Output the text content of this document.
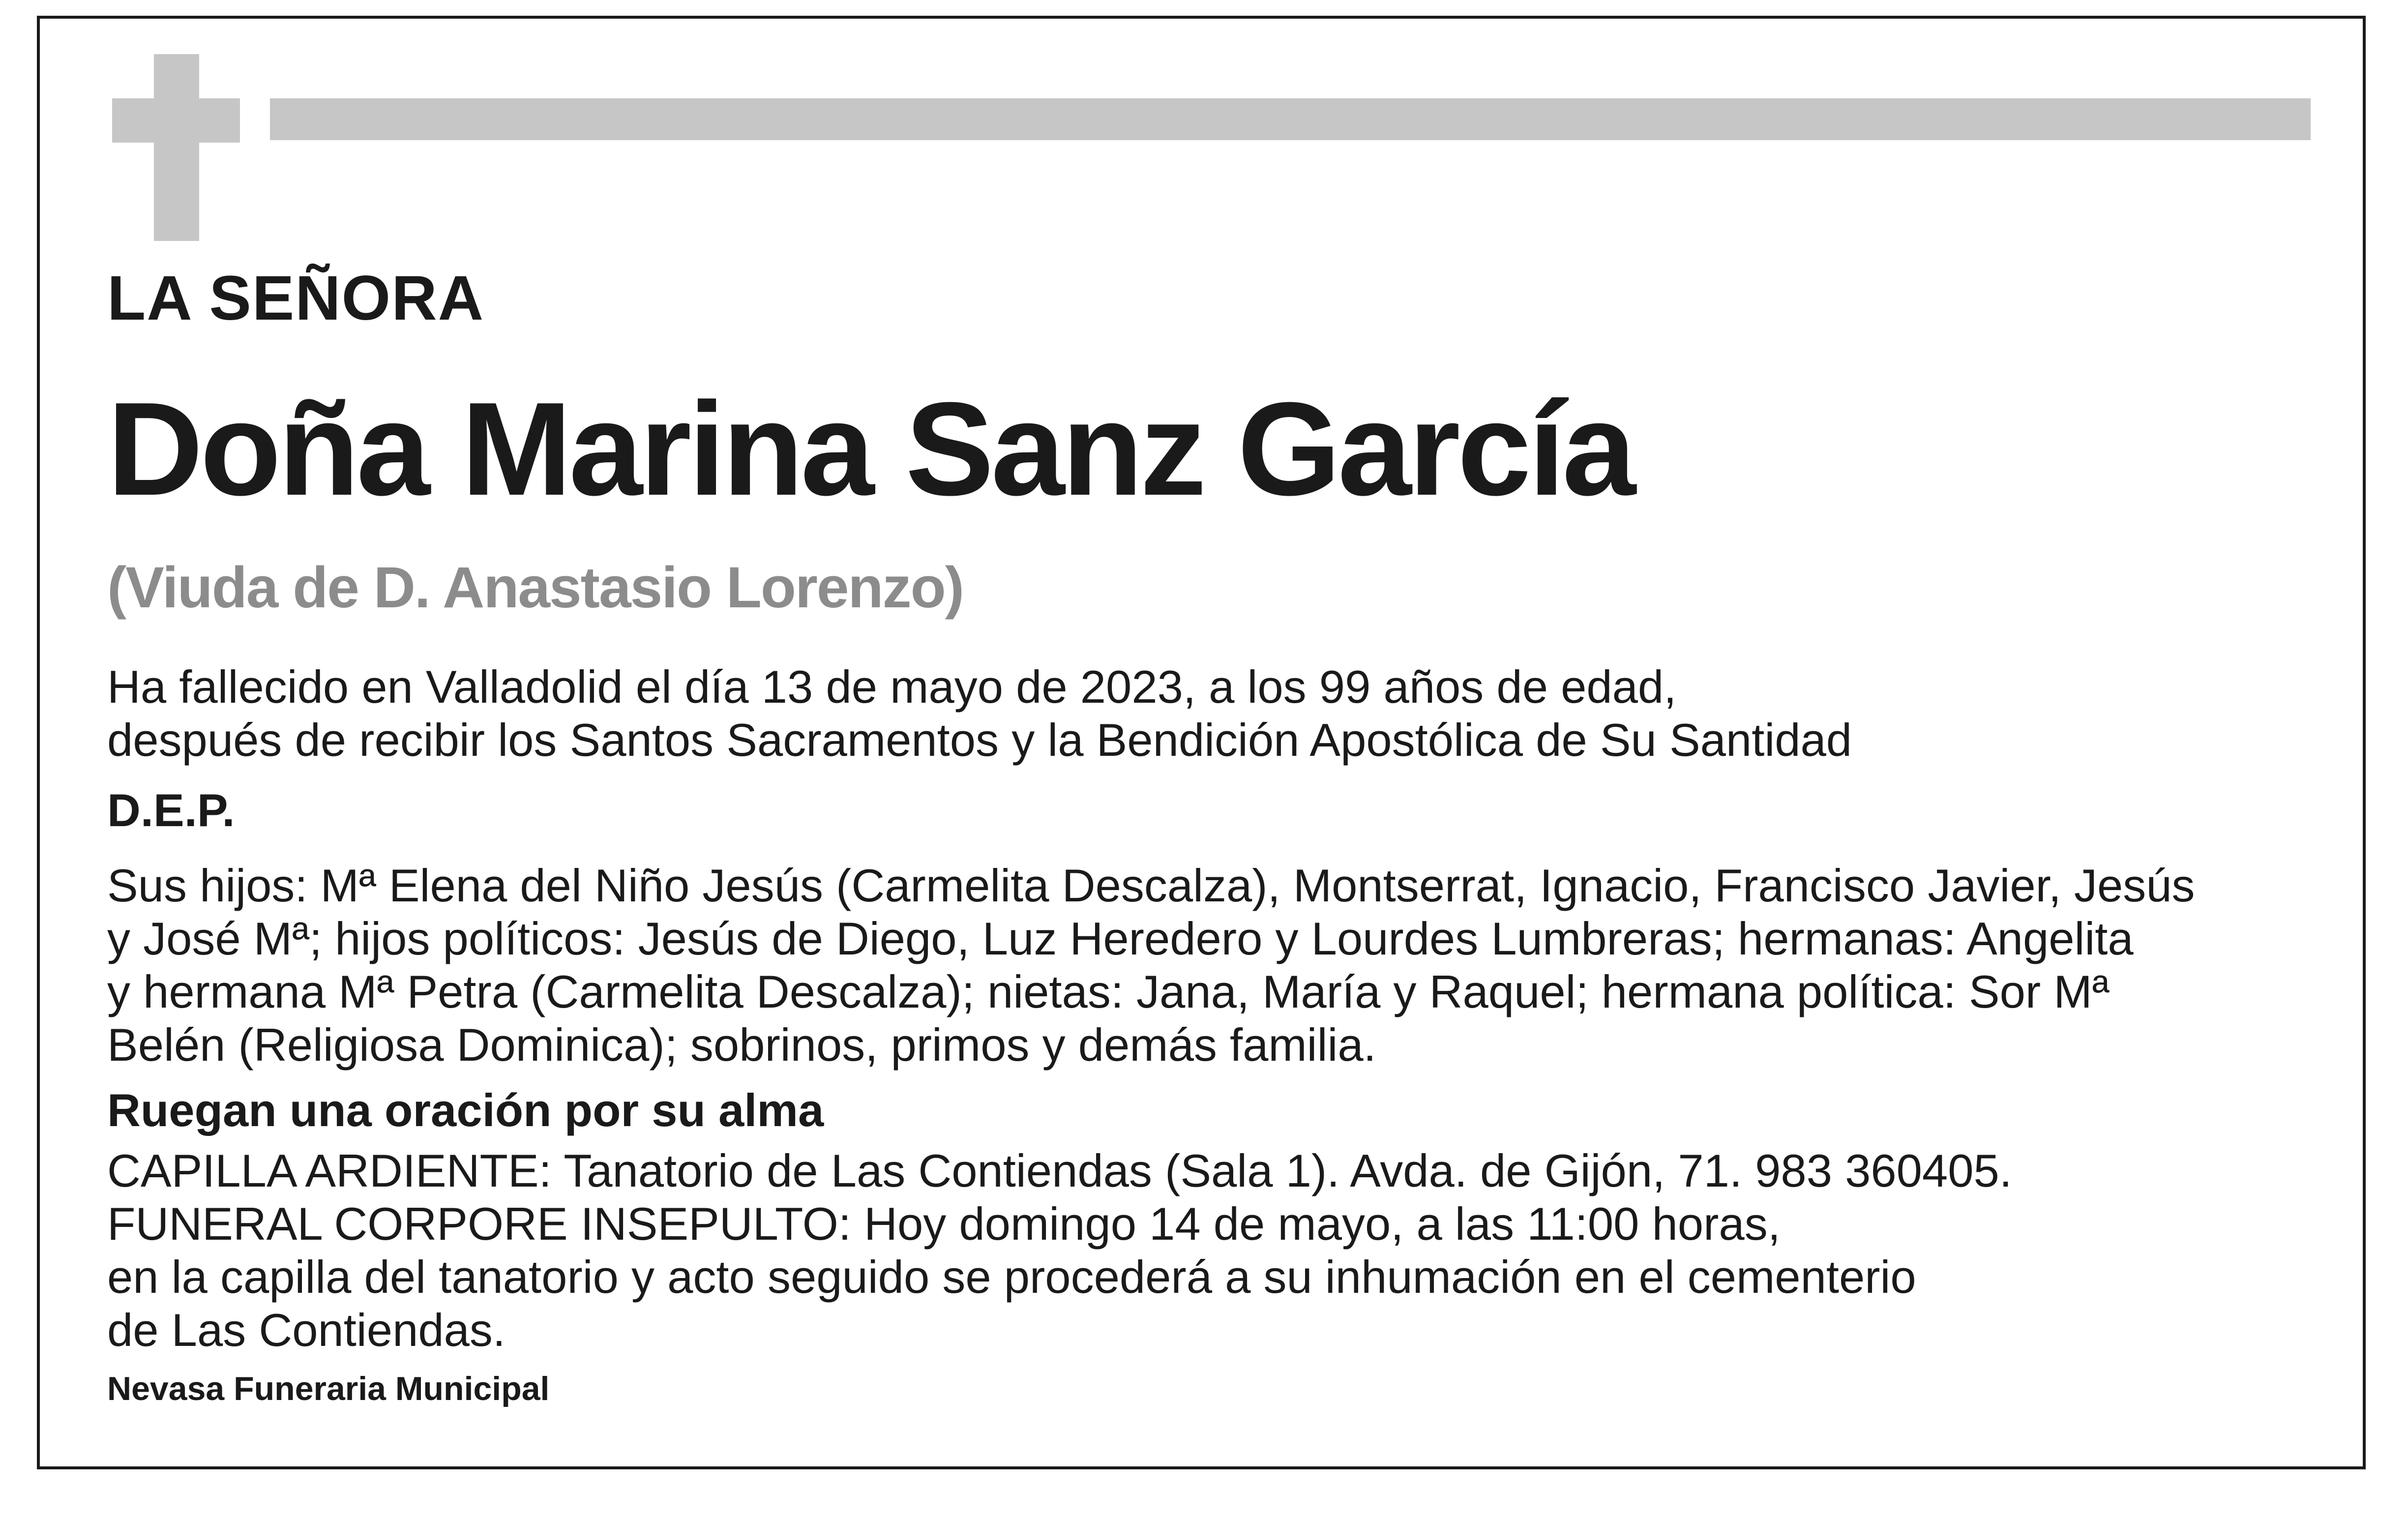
LA SEÑORA

Doña Marina Sanz García

(Viuda de D. Anastasio Lorenzo)

Ha fallecido en Valladolid el día 13 de mayo de 2023, a los 99 años de edad,

después de recibir los Santos Sacramentos y la Bendición Apostólica de Su Santidad

D.E.P.

Sus hijos: Mª Elena del Niño Jesús (Carmelita Descalza), Montserrat, Ignacio, Francisco Javier, Jesús

y José Mª; hijos políticos: Jesús de Diego, Luz Heredero y Lourdes Lumbreras; hermanas: Angelita

y hermana Mª Petra (Carmelita Descalza); nietas: Jana, María y Raquel; hermana política: Sor Mª

Belén (Religiosa Dominica); sobrinos, primos y demás familia.

Ruegan una oración por su alma

CAPILLA ARDIENTE: Tanatorio de Las Contiendas (Sala 1). Avda. de Gijón, 71. 983 360405.

FUNERAL CORPORE INSEPULTO: Hoy domingo 14 de mayo, a las 11:00 horas,

en la capilla del tanatorio y acto seguido se procederá a su inhumación en el cementerio

de Las Contiendas.

Nevasa Funeraria Municipal
